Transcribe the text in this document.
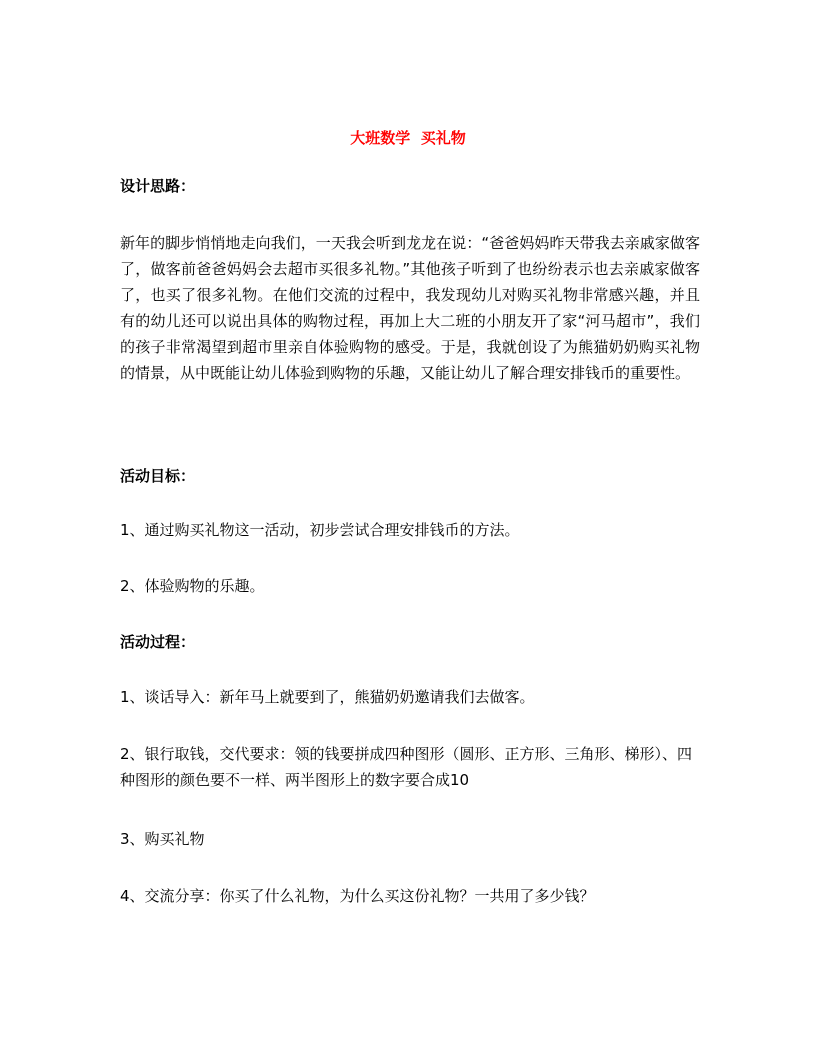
大班数学 买礼物

设计思路：

新年的脚步悄悄地走向我们，一天我会听到龙龙在说：“爸爸妈妈昨天带我去亲戚家做客了，做客前爸爸妈妈会去超市买很多礼物。”其他孩子听到了也纷纷表示也去亲戚家做客了，也买了很多礼物。在他们交流的过程中，我发现幼儿对购买礼物非常感兴趣，并且有的幼儿还可以说出具体的购物过程，再加上大二班的小朋友开了家“河马超市”，我们的孩子非常渴望到超市里亲自体验购物的感受。于是，我就创设了为熊猫奶奶购买礼物的情景，从中既能让幼儿体验到购物的乐趣，又能让幼儿了解合理安排钱币的重要性。

活动目标：

1、通过购买礼物这一活动，初步尝试合理安排钱币的方法。

2、体验购物的乐趣。

活动过程：

1、谈话导入：新年马上就要到了，熊猫奶奶邀请我们去做客。

2、银行取钱，交代要求：领的钱要拼成四种图形（圆形、正方形、三角形、梯形）、四种图形的颜色要不一样、两半图形上的数字要合成10

3、购买礼物

4、交流分享：你买了什么礼物，为什么买这份礼物？一共用了多少钱？
